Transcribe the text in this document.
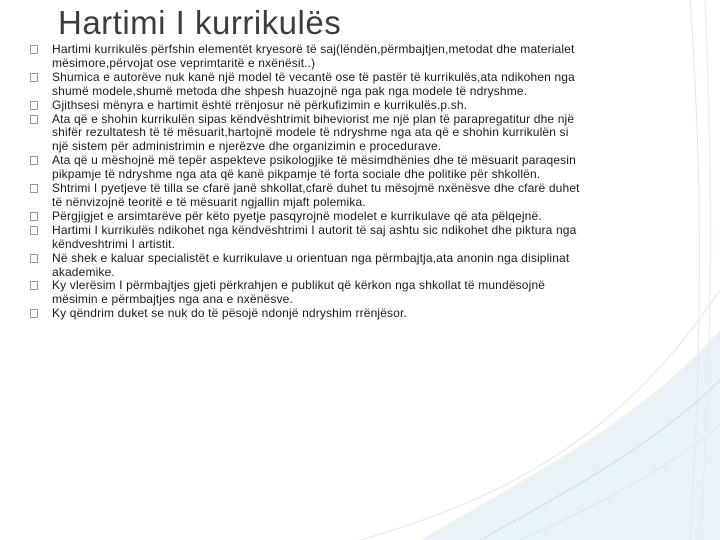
Hartimi I kurrikulës
Hartimi kurrikulës përfshin elementët kryesorë të saj(lëndën,përmbajtjen,metodat dhe materialet
mësimore,përvojat ose veprimtaritë e nxënësit..)
Shumica e autorëve nuk kanë një model të vecantë ose të pastër të kurrikulës,ata ndikohen nga
shumë modele,shumë metoda dhe shpesh huazojnë nga pak nga modele të ndryshme.
Gjithsesi mënyra e hartimit është rrënjosur në përkufizimin e kurrikulës.p.sh.
Ata që e shohin kurrikulën sipas këndvështrimit biheviorist me një plan të parapregatitur dhe një
shifër rezultatesh të të mësuarit,hartojnë modele të ndryshme nga ata që e shohin kurrikulën si
një sistem për administrimin e njerëzve dhe organizimin e procedurave.
Ata që u mëshojnë më tepër aspekteve psikologjike të mësimdhënies dhe të mësuarit paraqesin
pikpamje të ndryshme nga ata që kanë pikpamje të forta sociale dhe politike për shkollën.
Shtrimi I pyetjeve të tilla se cfarë janë shkollat,cfarë duhet tu mësojmë nxënësve dhe cfarë duhet
të nënvizojnë teoritë e të mësuarit ngjallin mjaft polemika.
Përgjigjet e arsimtarëve për këto pyetje pasqyrojnë modelet e kurrikulave që ata pëlqejnë.
Hartimi I kurrikulës ndikohet nga këndvështrimi I autorit të saj ashtu sic ndikohet dhe piktura nga
këndveshtrimi I artistit.
Në shek e kaluar specialistët e kurrikulave u orientuan nga përmbajtja,ata anonin nga disiplinat
akademike.
Ky vlerësim I përmbajtjes gjeti përkrahjen e publikut që kërkon nga shkollat të mundësojnë
mësimin e përmbajtjes nga ana e nxënësve.
Ky qëndrim duket se nuk do të pësojë ndonjë ndryshim rrënjësor.
